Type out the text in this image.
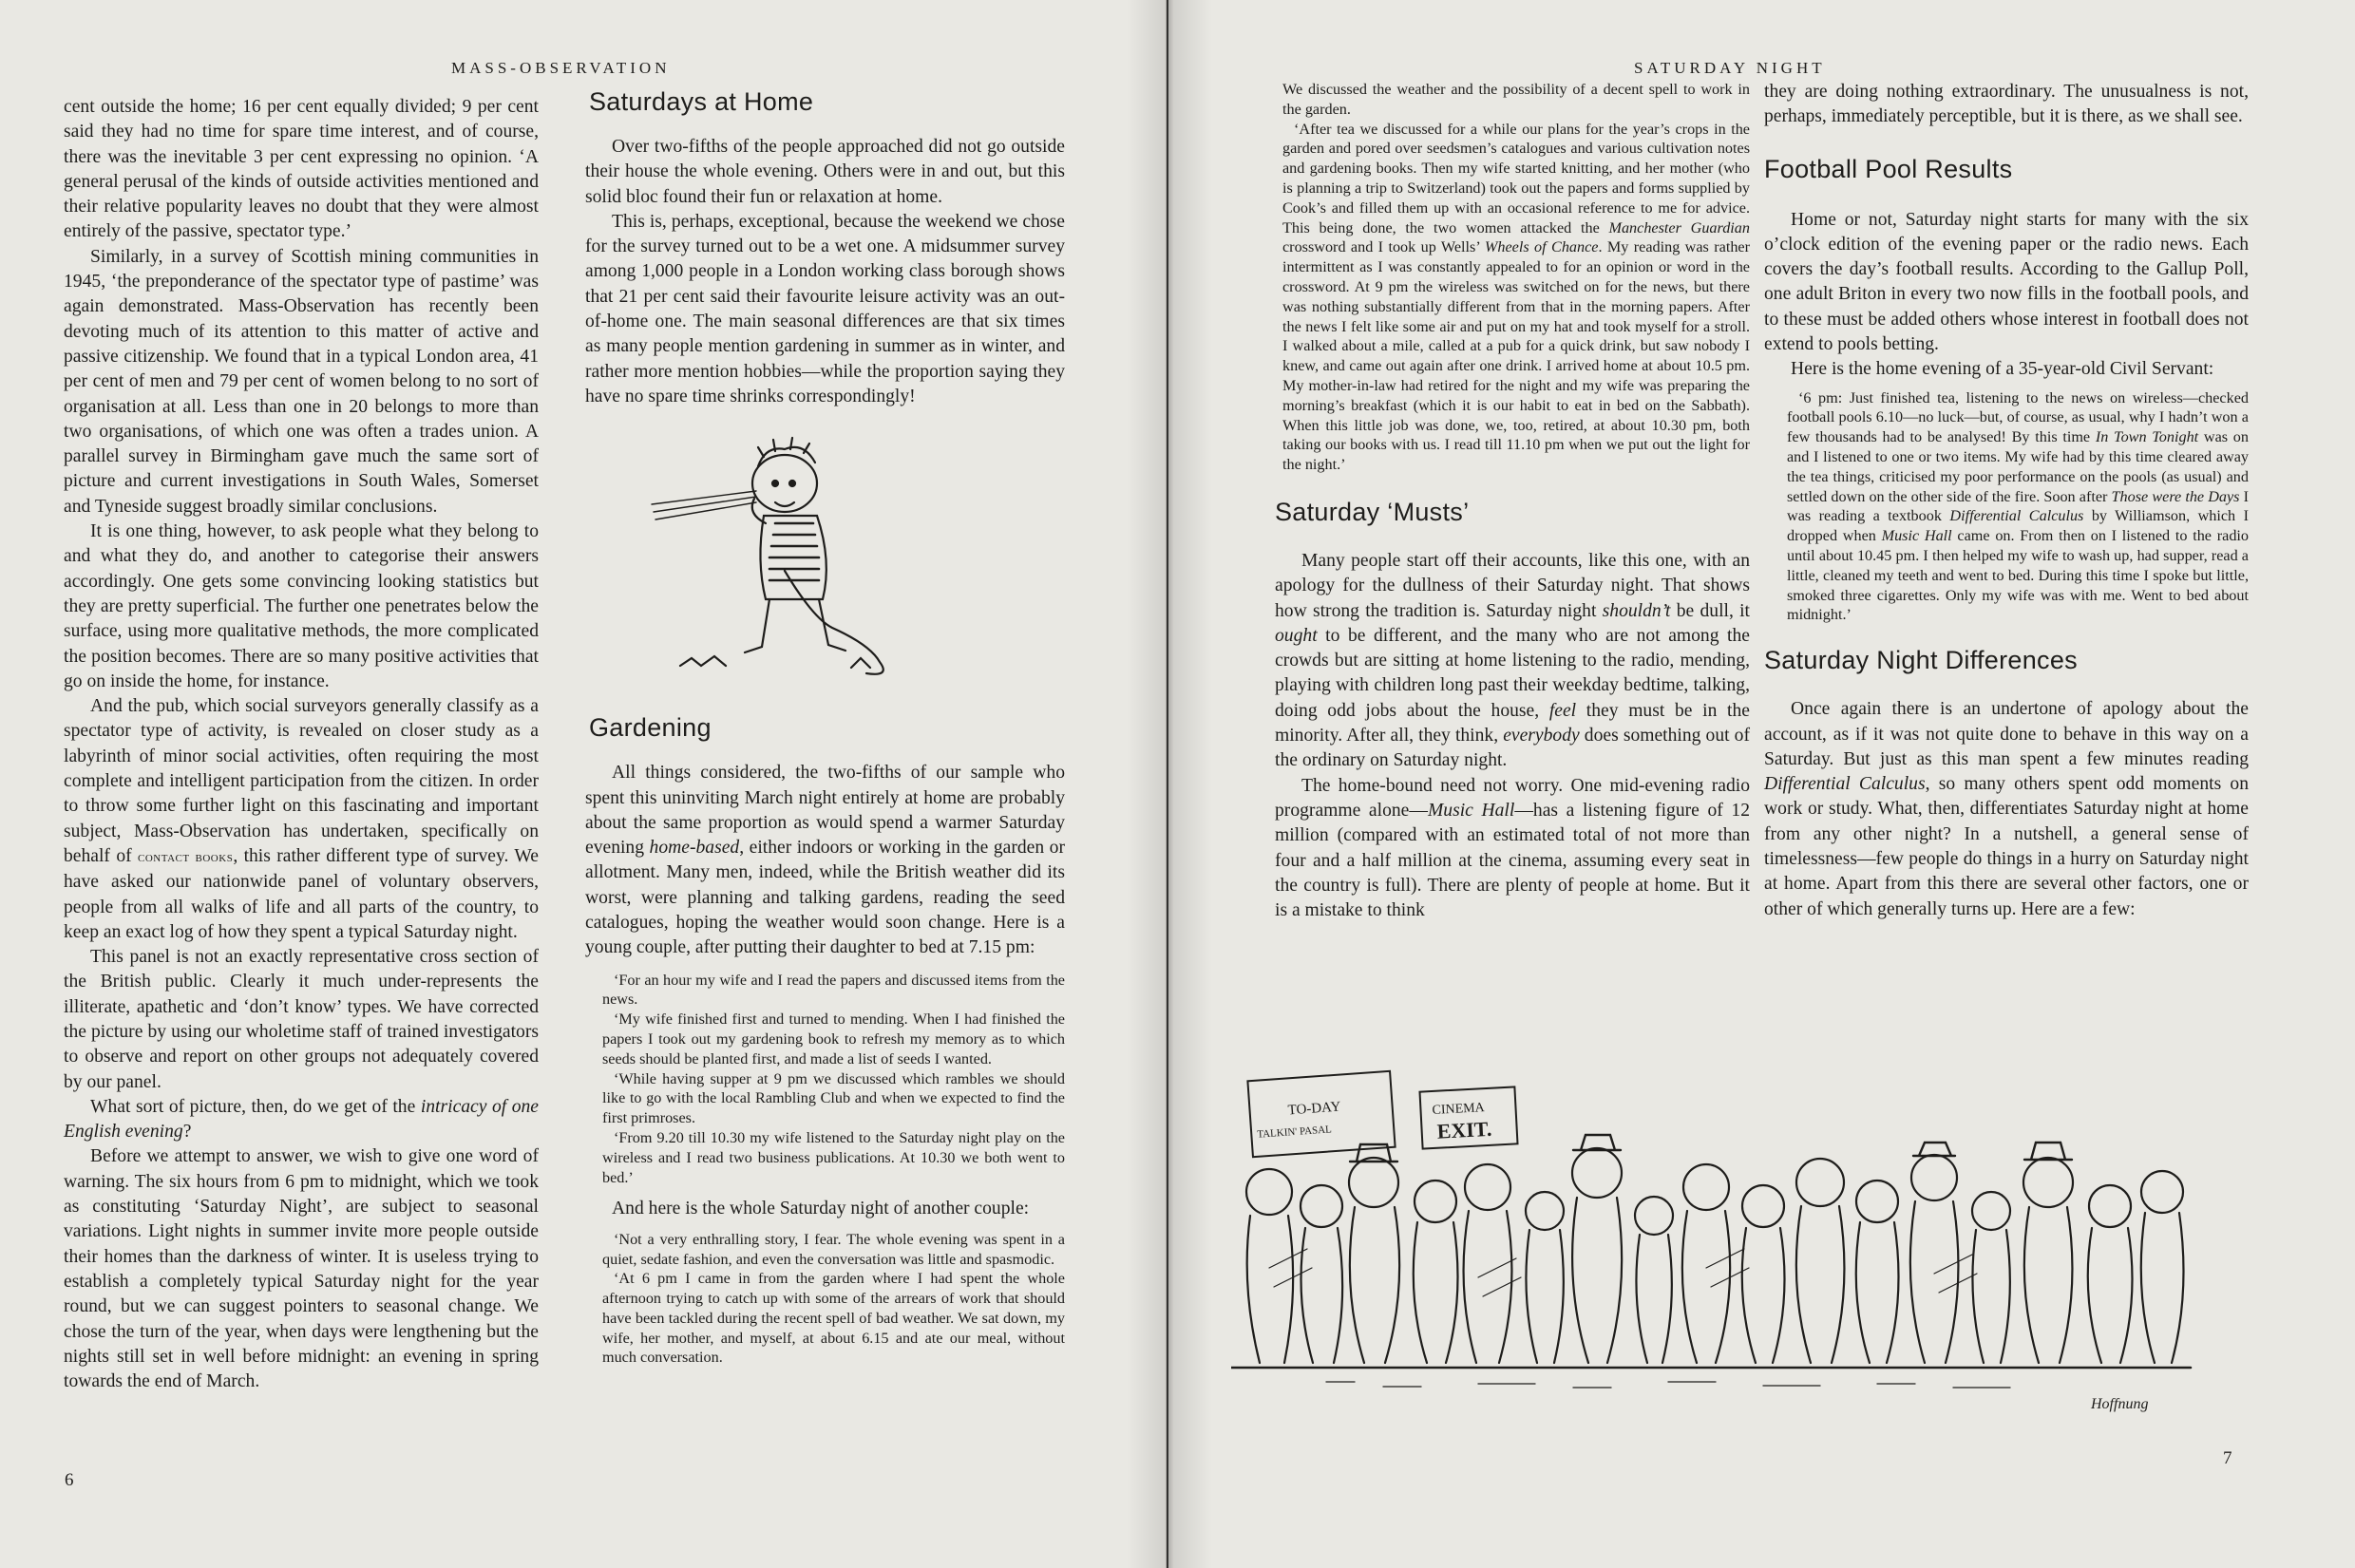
MASS-OBSERVATION

cent outside the home; 16 per cent equally divided; 9 per cent said they had no time for spare time interest, and of course, there was the inevitable 3 per cent expressing no opinion. ‘A general perusal of the kinds of outside activities mentioned and their relative popularity leaves no doubt that they were almost entirely of the passive, spectator type.’

Similarly, in a survey of Scottish mining communities in 1945, ‘the preponderance of the spectator type of pastime’ was again demonstrated. Mass-Observation has recently been devoting much of its attention to this matter of active and passive citizenship. We found that in a typical London area, 41 per cent of men and 79 per cent of women belong to no sort of organisation at all. Less than one in 20 belongs to more than two organisations, of which one was often a trades union. A parallel survey in Birmingham gave much the same sort of picture and current investigations in South Wales, Somerset and Tyneside suggest broadly similar conclusions.

It is one thing, however, to ask people what they belong to and what they do, and another to categorise their answers accordingly. One gets some convincing looking statistics but they are pretty superficial. The further one penetrates below the surface, using more qualitative methods, the more complicated the position becomes. There are so many positive activities that go on inside the home, for instance.

And the pub, which social surveyors generally classify as a spectator type of activity, is revealed on closer study as a labyrinth of minor social activities, often requiring the most complete and intelligent participation from the citizen. In order to throw some further light on this fascinating and important subject, Mass-Observation has undertaken, specifically on behalf of contact books, this rather different type of survey. We have asked our nationwide panel of voluntary observers, people from all walks of life and all parts of the country, to keep an exact log of how they spent a typical Saturday night.

This panel is not an exactly representative cross section of the British public. Clearly it much under-represents the illiterate, apathetic and ‘don’t know’ types. We have corrected the picture by using our wholetime staff of trained investigators to observe and report on other groups not adequately covered by our panel.

What sort of picture, then, do we get of the intricacy of one English evening?

Before we attempt to answer, we wish to give one word of warning. The six hours from 6 pm to midnight, which we took as constituting ‘Saturday Night’, are subject to seasonal variations. Light nights in summer invite more people outside their homes than the darkness of winter. It is useless trying to establish a completely typical Saturday night for the year round, but we can suggest pointers to seasonal change. We chose the turn of the year, when days were lengthening but the nights still set in well before midnight: an evening in spring towards the end of March.

Saturdays at Home

Over two-fifths of the people approached did not go outside their house the whole evening. Others were in and out, but this solid bloc found their fun or relaxation at home.

This is, perhaps, exceptional, because the weekend we chose for the survey turned out to be a wet one. A midsummer survey among 1,000 people in a London working class borough shows that 21 per cent said their favourite leisure activity was an out-of-home one. The main seasonal differences are that six times as many people mention gardening in summer as in winter, and rather more mention hobbies—while the proportion saying they have no spare time shrinks correspondingly!

Gardening

All things considered, the two-fifths of our sample who spent this uninviting March night entirely at home are probably about the same proportion as would spend a warmer Saturday evening home-based, either indoors or working in the garden or allotment. Many men, indeed, while the British weather did its worst, were planning and talking gardens, reading the seed catalogues, hoping the weather would soon change. Here is a young couple, after putting their daughter to bed at 7.15 pm:

‘For an hour my wife and I read the papers and discussed items from the news.

‘My wife finished first and turned to mending. When I had finished the papers I took out my gardening book to refresh my memory as to which seeds should be planted first, and made a list of seeds I wanted.

‘While having supper at 9 pm we discussed which rambles we should like to go with the local Rambling Club and when we expected to find the first primroses.

‘From 9.20 till 10.30 my wife listened to the Saturday night play on the wireless and I read two business publications. At 10.30 we both went to bed.’

And here is the whole Saturday night of another couple:

‘Not a very enthralling story, I fear. The whole evening was spent in a quiet, sedate fashion, and even the conversation was little and spasmodic.

‘At 6 pm I came in from the garden where I had spent the whole afternoon trying to catch up with some of the arrears of work that should have been tackled during the recent spell of bad weather. We sat down, my wife, her mother, and myself, at about 6.15 and ate our meal, without much conversation.

6
SATURDAY NIGHT

We discussed the weather and the possibility of a decent spell to work in the garden.

‘After tea we discussed for a while our plans for the year’s crops in the garden and pored over seedsmen’s catalogues and various cultivation notes and gardening books. Then my wife started knitting, and her mother (who is planning a trip to Switzerland) took out the papers and forms supplied by Cook’s and filled them up with an occasional reference to me for advice. This being done, the two women attacked the Manchester Guardian crossword and I took up Wells’ Wheels of Chance. My reading was rather intermittent as I was constantly appealed to for an opinion or word in the crossword. At 9 pm the wireless was switched on for the news, but there was nothing substantially different from that in the morning papers. After the news I felt like some air and put on my hat and took myself for a stroll. I walked about a mile, called at a pub for a quick drink, but saw nobody I knew, and came out again after one drink. I arrived home at about 10.5 pm. My mother-in-law had retired for the night and my wife was preparing the morning’s breakfast (which it is our habit to eat in bed on the Sabbath). When this little job was done, we, too, retired, at about 10.30 pm, both taking our books with us. I read till 11.10 pm when we put out the light for the night.’

Saturday ‘Musts’

Many people start off their accounts, like this one, with an apology for the dullness of their Saturday night. That shows how strong the tradition is. Saturday night shouldn’t be dull, it ought to be different, and the many who are not among the crowds but are sitting at home listening to the radio, mending, playing with children long past their weekday bedtime, talking, doing odd jobs about the house, feel they must be in the minority. After all, they think, everybody does something out of the ordinary on Saturday night.

The home-bound need not worry. One mid-evening radio programme alone—Music Hall—has a listening figure of 12 million (compared with an estimated total of not more than four and a half million at the cinema, assuming every seat in the country is full). There are plenty of people at home. But it is a mistake to think

they are doing nothing extraordinary. The unusualness is not, perhaps, immediately perceptible, but it is there, as we shall see.

Football Pool Results

Home or not, Saturday night starts for many with the six o’clock edition of the evening paper or the radio news. Each covers the day’s football results. According to the Gallup Poll, one adult Briton in every two now fills in the football pools, and to these must be added others whose interest in football does not extend to pools betting.

Here is the home evening of a 35-year-old Civil Servant:

‘6 pm: Just finished tea, listening to the news on wireless—checked football pools 6.10—no luck—but, of course, as usual, why I hadn’t won a few thousands had to be analysed! By this time In Town Tonight was on and I listened to one or two items. My wife had by this time cleared away the tea things, criticised my poor performance on the pools (as usual) and settled down on the other side of the fire. Soon after Those were the Days I was reading a textbook Differential Calculus by Williamson, which I dropped when Music Hall came on. From then on I listened to the radio until about 10.45 pm. I then helped my wife to wash up, had supper, read a little, cleaned my teeth and went to bed. During this time I spoke but little, smoked three cigarettes. Only my wife was with me. Went to bed about midnight.’

Saturday Night Differences

Once again there is an undertone of apology about the account, as if it was not quite done to behave in this way on a Saturday. But just as this man spent a few minutes reading Differential Calculus, so many others spent odd moments on work or study. What, then, differentiates Saturday night at home from any other night? In a nutshell, a general sense of timelessness—few people do things in a hurry on Saturday night at home. Apart from this there are several other factors, one or other of which generally turns up. Here are a few:

TO-DAY
TALKIN' PASAL
CINEMA
EXIT.
Hoffnung
7
